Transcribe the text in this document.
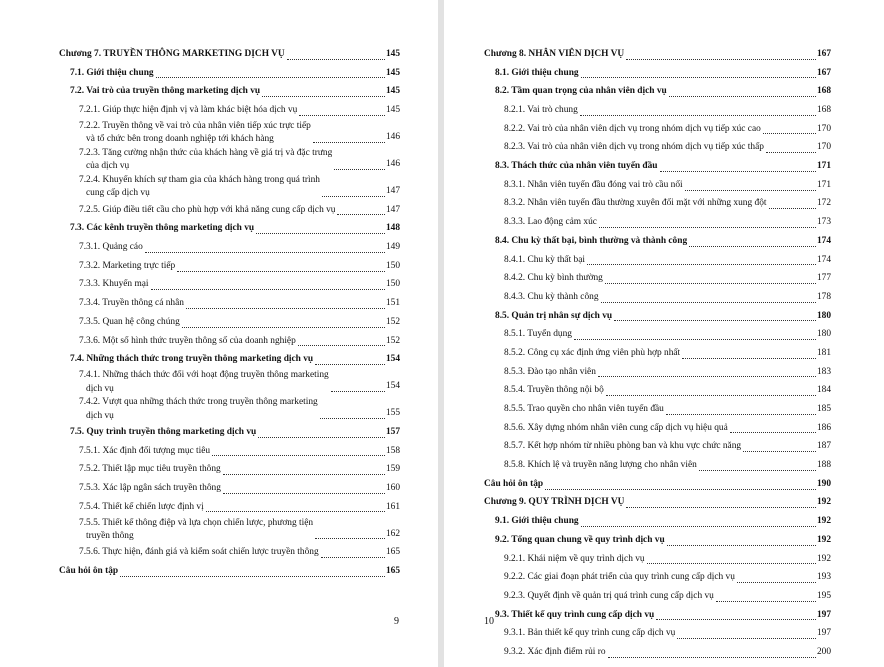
Chương 7. TRUYỀN THÔNG MARKETING DỊCH VỤ	145
7.1. Giới thiệu chung	145
7.2. Vai trò của truyền thông marketing dịch vụ	145
7.2.1. Giúp thực hiện định vị và làm khác biệt hóa dịch vụ	145
7.2.2. Truyền thông về vai trò của nhân viên tiếp xúc trực tiếp
và tổ chức bên trong doanh nghiệp tới khách hàng	146
7.2.3. Tăng cường nhận thức của khách hàng về giá trị và đặc trưng
của dịch vụ	146
7.2.4. Khuyến khích sự tham gia của khách hàng trong quá trình
cung cấp dịch vụ	147
7.2.5. Giúp điều tiết cầu cho phù hợp với khả năng cung cấp dịch vụ	147
7.3. Các kênh truyền thông marketing dịch vụ	148
7.3.1. Quảng cáo	149
7.3.2. Marketing trực tiếp	150
7.3.3. Khuyến mại	150
7.3.4. Truyền thông cá nhân	151
7.3.5. Quan hệ công chúng	152
7.3.6. Một số hình thức truyền thông số của doanh nghiệp	152
7.4. Những thách thức trong truyền thông marketing dịch vụ	154
7.4.1. Những thách thức đối với hoạt động truyền thông marketing
dịch vụ	154
7.4.2. Vượt qua những thách thức trong truyền thông marketing
dịch vụ	155
7.5. Quy trình truyền thông marketing dịch vụ	157
7.5.1. Xác định đối tượng mục tiêu	158
7.5.2. Thiết lập mục tiêu truyền thông	159
7.5.3. Xác lập ngân sách truyền thông	160
7.5.4. Thiết kế chiến lược định vị	161
7.5.5. Thiết kế thông điệp và lựa chọn chiến lược, phương tiện
truyền thông	162
7.5.6. Thực hiện, đánh giá và kiểm soát chiến lược truyền thông	165
Câu hỏi ôn tập	165
9
Chương 8. NHÂN VIÊN DỊCH VỤ	167
8.1. Giới thiệu chung	167
8.2. Tầm quan trọng của nhân viên dịch vụ	168
8.2.1. Vai trò chung	168
8.2.2. Vai trò của nhân viên dịch vụ trong nhóm dịch vụ tiếp xúc cao	170
8.2.3. Vai trò của nhân viên dịch vụ trong nhóm dịch vụ tiếp xúc thấp	170
8.3. Thách thức của nhân viên tuyến đầu	171
8.3.1. Nhân viên tuyến đầu đóng vai trò cầu nối	171
8.3.2. Nhân viên tuyến đầu thường xuyên đối mặt với những xung đột	172
8.3.3. Lao động cảm xúc	173
8.4. Chu kỳ thất bại, bình thường và thành công	174
8.4.1. Chu kỳ thất bại	174
8.4.2. Chu kỳ bình thường	177
8.4.3. Chu kỳ thành công	178
8.5. Quản trị nhân sự dịch vụ	180
8.5.1. Tuyển dụng	180
8.5.2. Công cụ xác định ứng viên phù hợp nhất	181
8.5.3. Đào tạo nhân viên	183
8.5.4. Truyền thông nội bộ	184
8.5.5. Trao quyền cho nhân viên tuyến đầu	185
8.5.6. Xây dựng nhóm nhân viên cung cấp dịch vụ hiệu quả	186
8.5.7. Kết hợp nhóm từ nhiều phòng ban và khu vực chức năng	187
8.5.8. Khích lệ và truyền năng lượng cho nhân viên	188
Câu hỏi ôn tập	190
Chương 9. QUY TRÌNH DỊCH VỤ	192
9.1. Giới thiệu chung	192
9.2. Tổng quan chung về quy trình dịch vụ	192
9.2.1. Khái niệm về quy trình dịch vụ	192
9.2.2. Các giai đoạn phát triển của quy trình cung cấp dịch vụ	193
9.2.3. Quyết định về quản trị quá trình cung cấp dịch vụ	195
9.3. Thiết kế quy trình cung cấp dịch vụ	197
9.3.1. Bản thiết kế quy trình cung cấp dịch vụ	197
9.3.2. Xác định điểm rủi ro	200
10
